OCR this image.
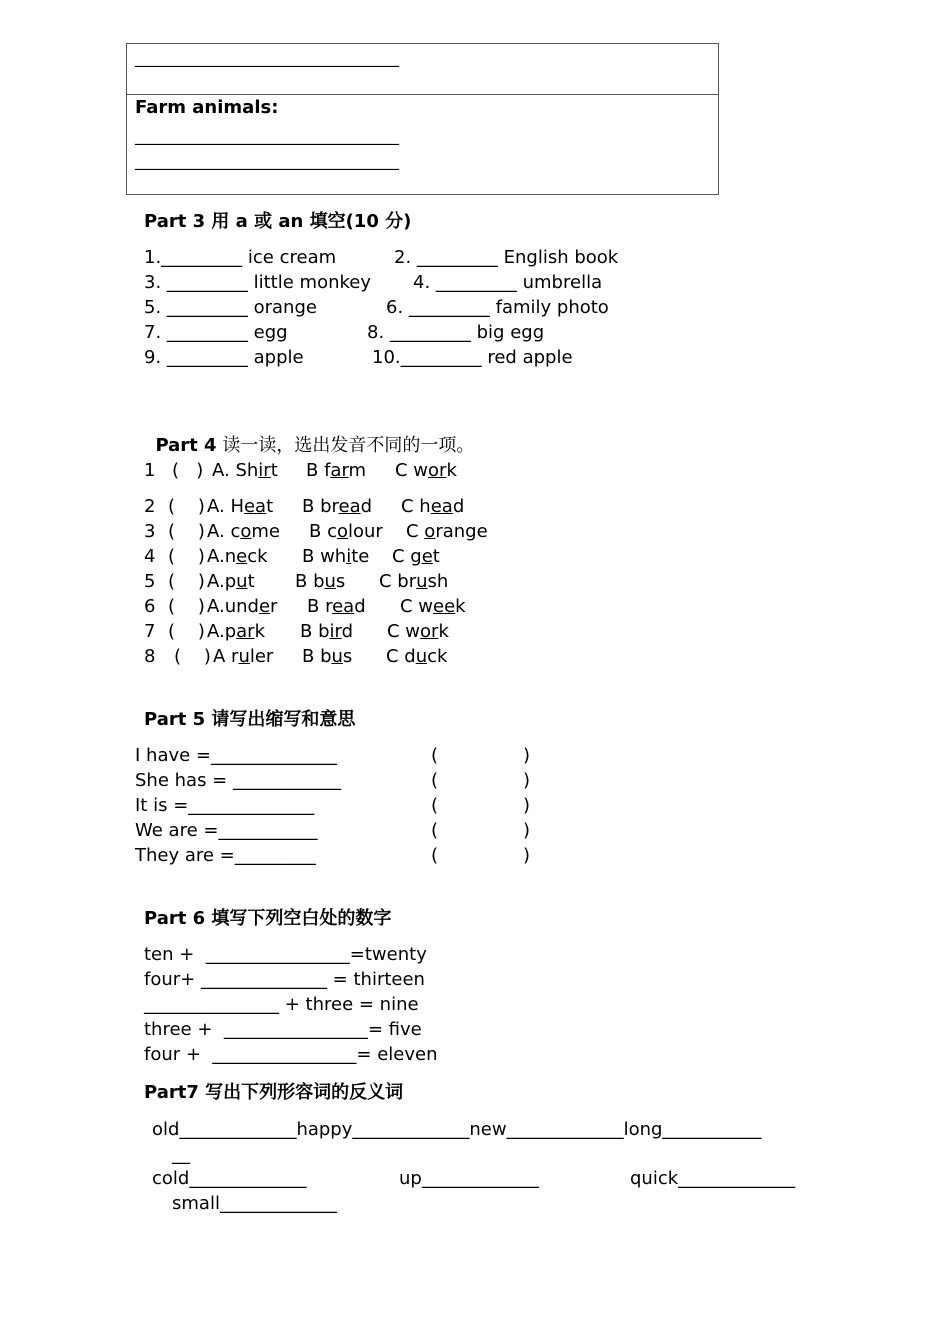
_________________________________
Farm animals:
_________________________________
_________________________________
Part 3 用 a 或 an 填空(10 分)
1._________ ice cream	2. _________ English book
3. _________ little monkey 4. _________ umbrella
5. _________ orange	6. _________ family photo
7. _________ egg	8. _________ big egg
9. _________ apple	10._________ red apple

Part 4 读一读，选出发音不同的一项。

1 (   ) A. Shirt B farm C work
2 (    ) A. Heat B bread C head
3 (    ) A. come B colour C orange
4 (    ) A.neck B white C get
5 (    ) A.put B bus C brush
6 (    ) A.under B read C week
7 (    ) A.park B bird C work
8 (    ) A ruler B bus C duck
Part 5 请写出缩写和意思
I have =______________	(	)
She has = ____________	(	)
It is =______________	(	)
We are =___________	(	)
They are =_________	(	)
Part 6 填写下列空白处的数字
ten +  ________________=twenty
four+ ______________ = thirteen
_______________ + three = nine
three +  ________________= five
four +  ________________= eleven
Part7 写出下列形容词的反义词
old_____________happy_____________new_____________long___________
__
cold_____________	up_____________	quick_____________
small_____________
